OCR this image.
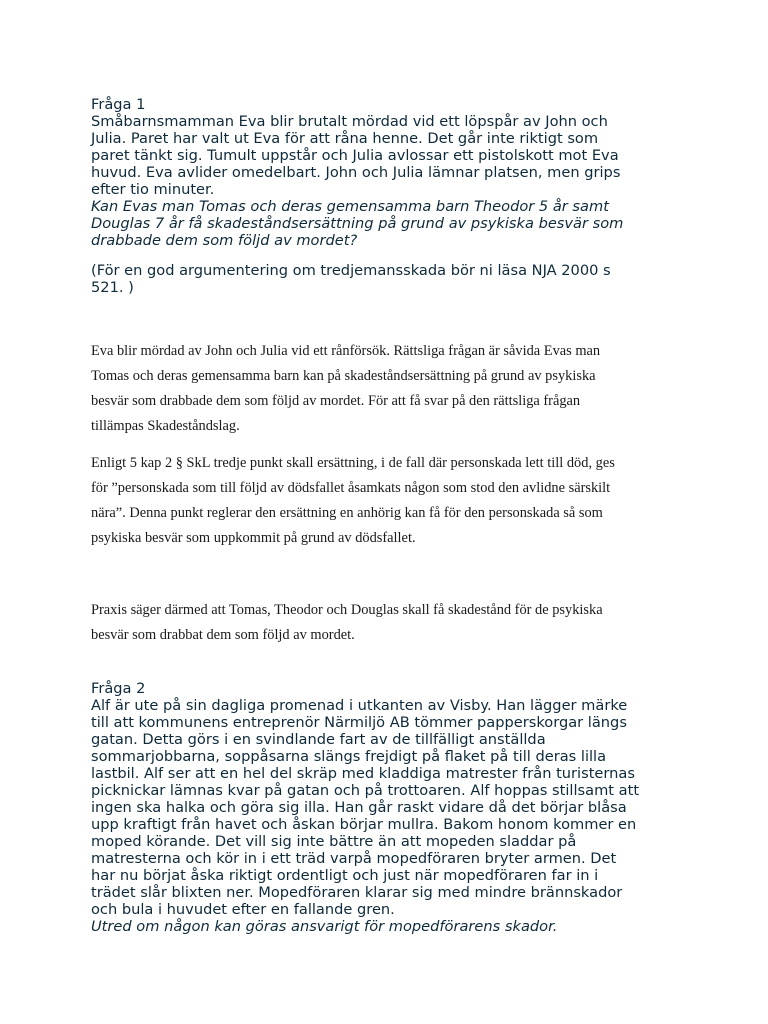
Fråga 1
Småbarnsmamman Eva blir brutalt mördad vid ett löpspår av John och
Julia. Paret har valt ut Eva för att råna henne. Det går inte riktigt som
paret tänkt sig. Tumult uppstår och Julia avlossar ett pistolskott mot Eva
huvud. Eva avlider omedelbart. John och Julia lämnar platsen, men grips
efter tio minuter.
Kan Evas man Tomas och deras gemensamma barn Theodor 5 år samt
Douglas 7 år få skadeståndsersättning på grund av psykiska besvär som
drabbade dem som följd av mordet?
(För en god argumentering om tredjemansskada bör ni läsa NJA 2000 s
521. )
Eva blir mördad av John och Julia vid ett rånförsök. Rättsliga frågan är såvida Evas man
Tomas och deras gemensamma barn kan på skadeståndsersättning på grund av psykiska
besvär som drabbade dem som följd av mordet. För att få svar på den rättsliga frågan
tillämpas Skadeståndslag.
Enligt 5 kap 2 § SkL tredje punkt skall ersättning, i de fall där personskada lett till död, ges
för ”personskada som till följd av dödsfallet åsamkats någon som stod den avlidne särskilt
nära”. Denna punkt reglerar den ersättning en anhörig kan få för den personskada så som
psykiska besvär som uppkommit på grund av dödsfallet.
Praxis säger därmed att Tomas, Theodor och Douglas skall få skadestånd för de psykiska
besvär som drabbat dem som följd av mordet.
Fråga 2
Alf är ute på sin dagliga promenad i utkanten av Visby. Han lägger märke
till att kommunens entreprenör Närmiljö AB tömmer papperskorgar längs
gatan. Detta görs i en svindlande fart av de tillfälligt anställda
sommarjobbarna, soppåsarna slängs frejdigt på flaket på till deras lilla
lastbil. Alf ser att en hel del skräp med kladdiga matrester från turisternas
picknickar lämnas kvar på gatan och på trottoaren. Alf hoppas stillsamt att
ingen ska halka och göra sig illa. Han går raskt vidare då det börjar blåsa
upp kraftigt från havet och åskan börjar mullra. Bakom honom kommer en
moped körande. Det vill sig inte bättre än att mopeden sladdar på
matresterna och kör in i ett träd varpå mopedföraren bryter armen. Det
har nu börjat åska riktigt ordentligt och just när mopedföraren far in i
trädet slår blixten ner. Mopedföraren klarar sig med mindre brännskador
och bula i huvudet efter en fallande gren.
Utred om någon kan göras ansvarigt för mopedförarens skador.
